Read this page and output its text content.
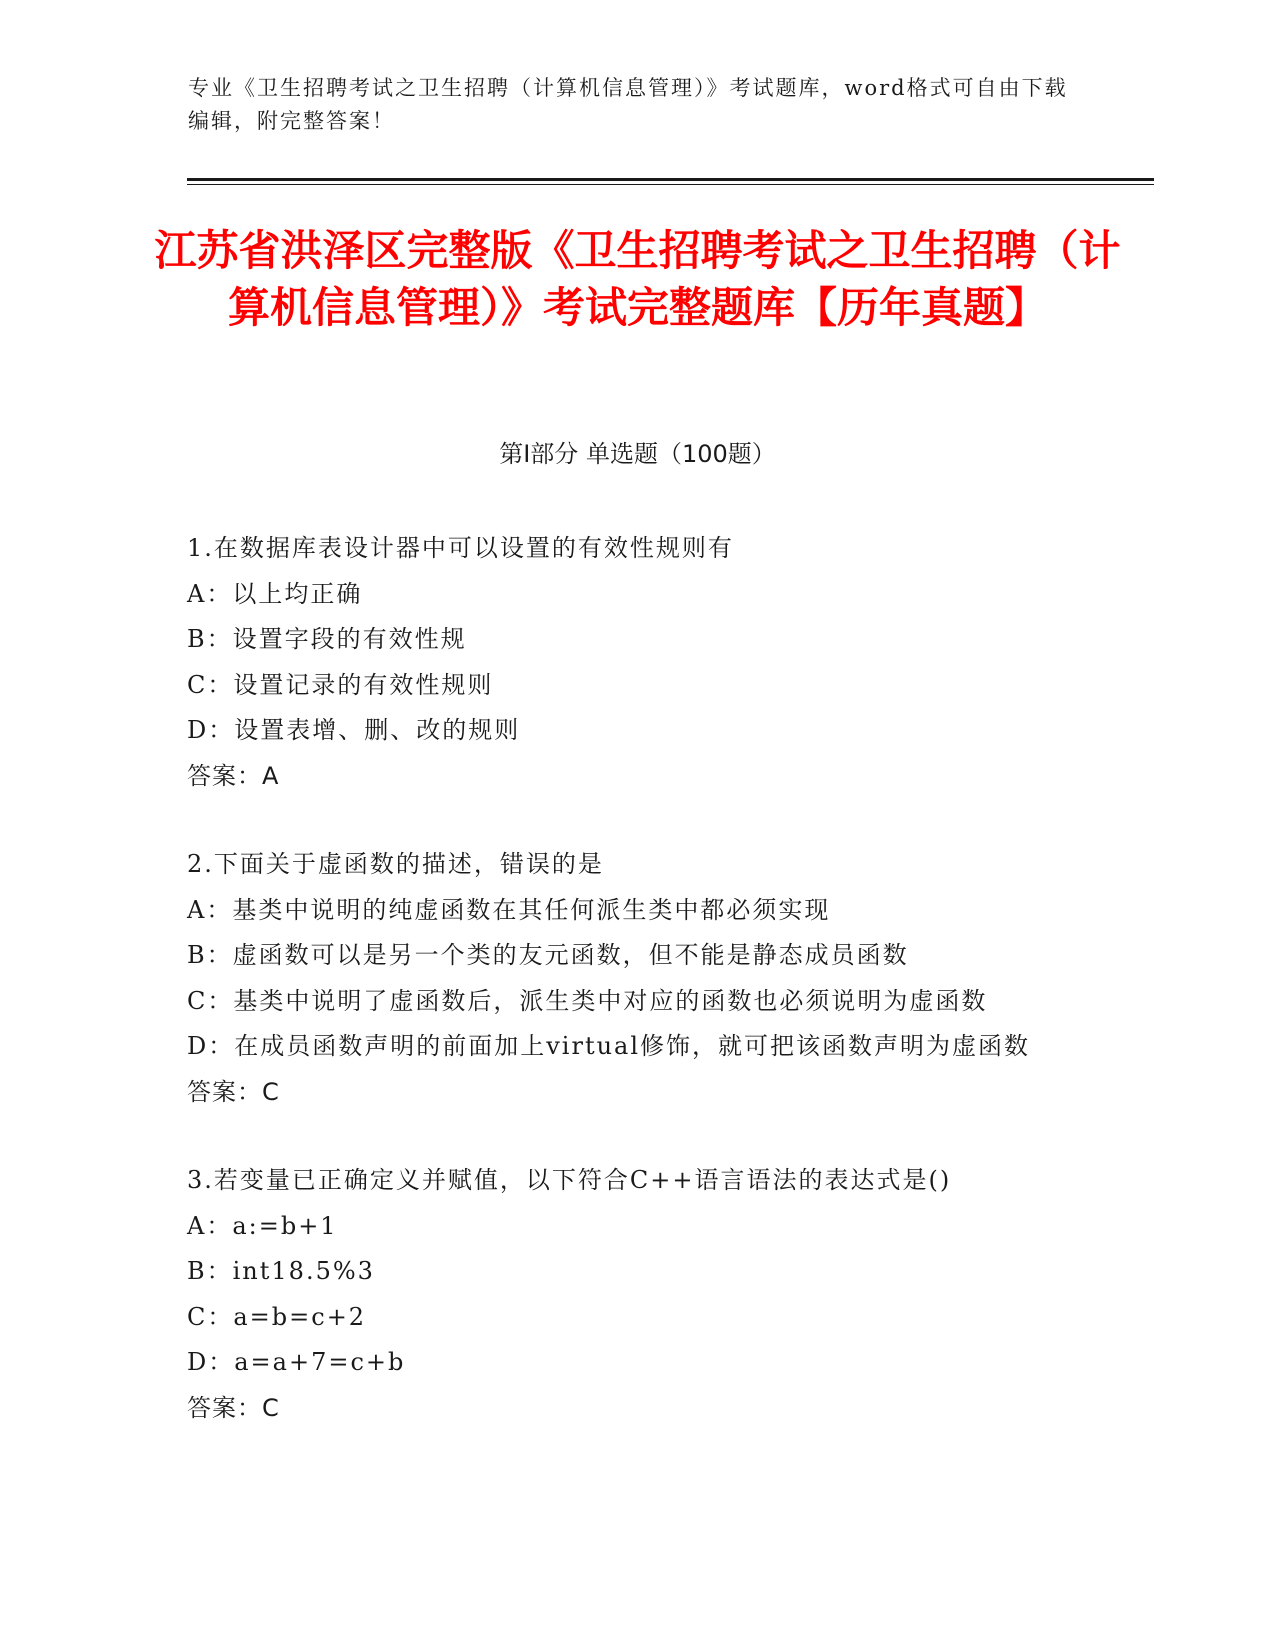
专业《卫生招聘考试之卫生招聘（计算机信息管理）》考试题库，word格式可自由下载编辑，附完整答案！
江苏省洪泽区完整版《卫生招聘考试之卫生招聘（计算机信息管理）》考试完整题库【历年真题】
第Ⅰ部分 单选题（100题）
1.在数据库表设计器中可以设置的有效性规则有
A：以上均正确
B：设置字段的有效性规
C：设置记录的有效性规则
D：设置表增、删、改的规则
答案：A
2.下面关于虚函数的描述，错误的是
A：基类中说明的纯虚函数在其任何派生类中都必须实现
B：虚函数可以是另一个类的友元函数，但不能是静态成员函数
C：基类中说明了虚函数后，派生类中对应的函数也必须说明为虚函数
D：在成员函数声明的前面加上virtual修饰，就可把该函数声明为虚函数
答案：C
3.若变量已正确定义并赋值，以下符合C++语言语法的表达式是()
A：a:=b+1
B：int18.5%3
C：a=b=c+2
D：a=a+7=c+b
答案：C
